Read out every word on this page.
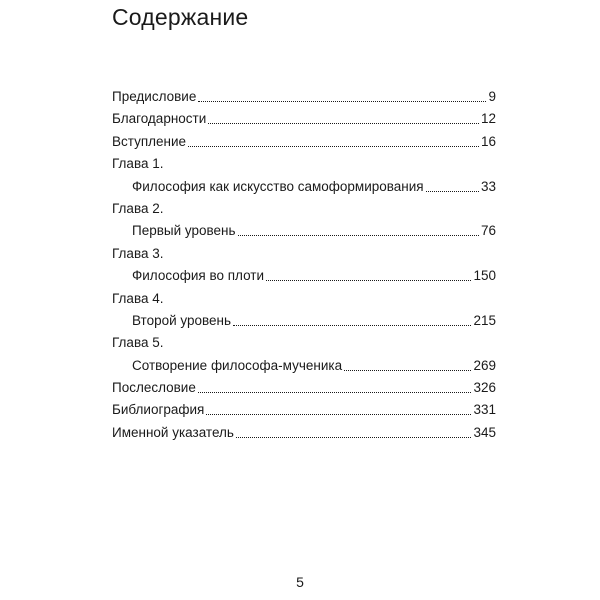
Содержание
Предисловие	9
Благодарности	12
Вступление	16
Глава 1.
Философия как искусство самоформирования	33
Глава 2.
Первый уровень	76
Глава 3.
Философия во плоти	150
Глава 4.
Второй уровень	215
Глава 5.
Сотворение философа-мученика	269
Послесловие	326
Библиография	331
Именной указатель	345
5
